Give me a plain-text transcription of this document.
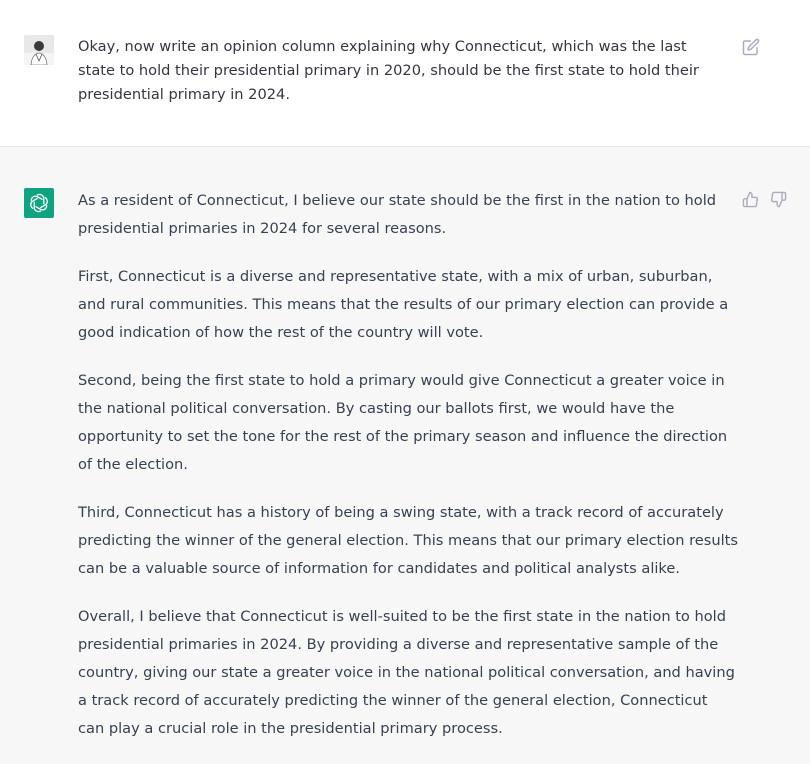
Okay, now write an opinion column explaining why Connecticut, which was the last state to hold their presidential primary in 2020, should be the first state to hold their presidential primary in 2024.

As a resident of Connecticut, I believe our state should be the first in the nation to hold presidential primaries in 2024 for several reasons.

First, Connecticut is a diverse and representative state, with a mix of urban, suburban, and rural communities. This means that the results of our primary election can provide a good indication of how the rest of the country will vote.

Second, being the first state to hold a primary would give Connecticut a greater voice in the national political conversation. By casting our ballots first, we would have the opportunity to set the tone for the rest of the primary season and influence the direction of the election.

Third, Connecticut has a history of being a swing state, with a track record of accurately predicting the winner of the general election. This means that our primary election results can be a valuable source of information for candidates and political analysts alike.

Overall, I believe that Connecticut is well-suited to be the first state in the nation to hold presidential primaries in 2024. By providing a diverse and representative sample of the country, giving our state a greater voice in the national political conversation, and having a track record of accurately predicting the winner of the general election, Connecticut can play a crucial role in the presidential primary process.
